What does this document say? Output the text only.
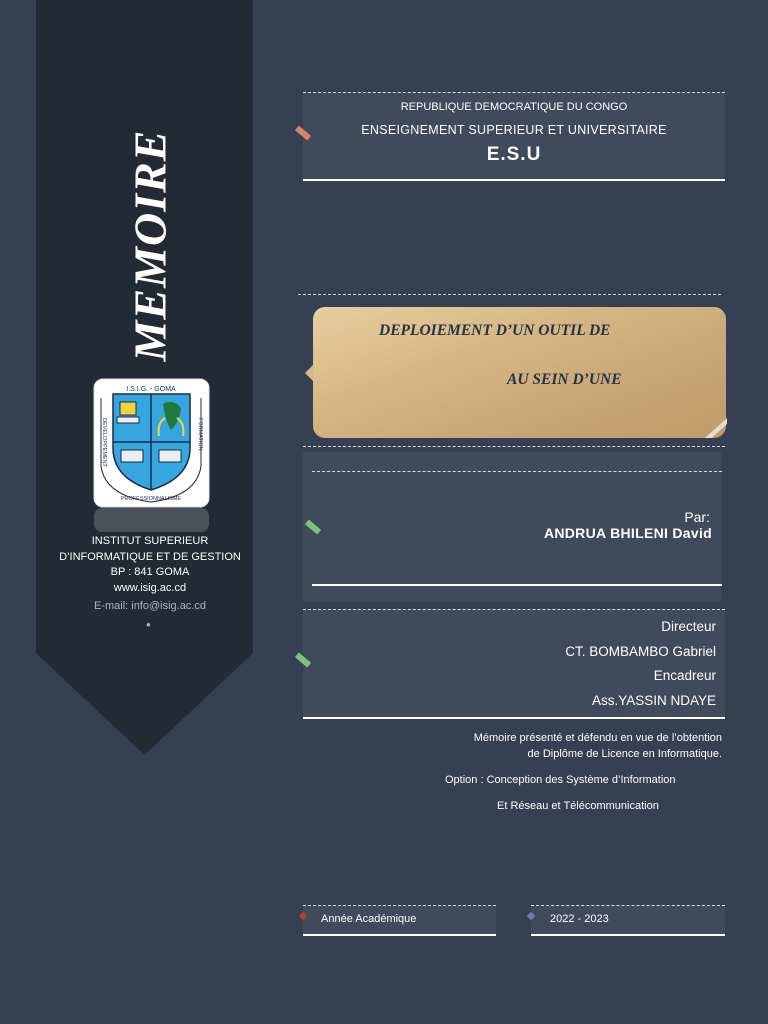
MEMOIRE
I.S.I.G. - GOMA
DEVELOPPEMENT
PROFESSIONNALISME
FORMATION
INSTITUT SUPERIEUR
D’INFORMATIQUE ET DE GESTION
BP : 841 GOMA
www.isig.ac.cd
E-mail: info@isig.ac.cd
●
REPUBLIQUE DEMOCRATIQUE DU CONGO
ENSEIGNEMENT SUPERIEUR ET UNIVERSITAIRE
E.S.U
DEPLOIEMENT D’UN OUTIL DE
AU SEIN D’UNE
Par:
ANDRUA BHILENI David
Directeur
CT. BOMBAMBO Gabriel
Encadreur
Ass.YASSIN NDAYE
Mémoire présenté et défendu en vue de l’obtention
de Diplôme de Licence en Informatique.
Option : Conception des Système d’Information
Et Réseau et Télécommunication
Année Académique	2022 - 2023
